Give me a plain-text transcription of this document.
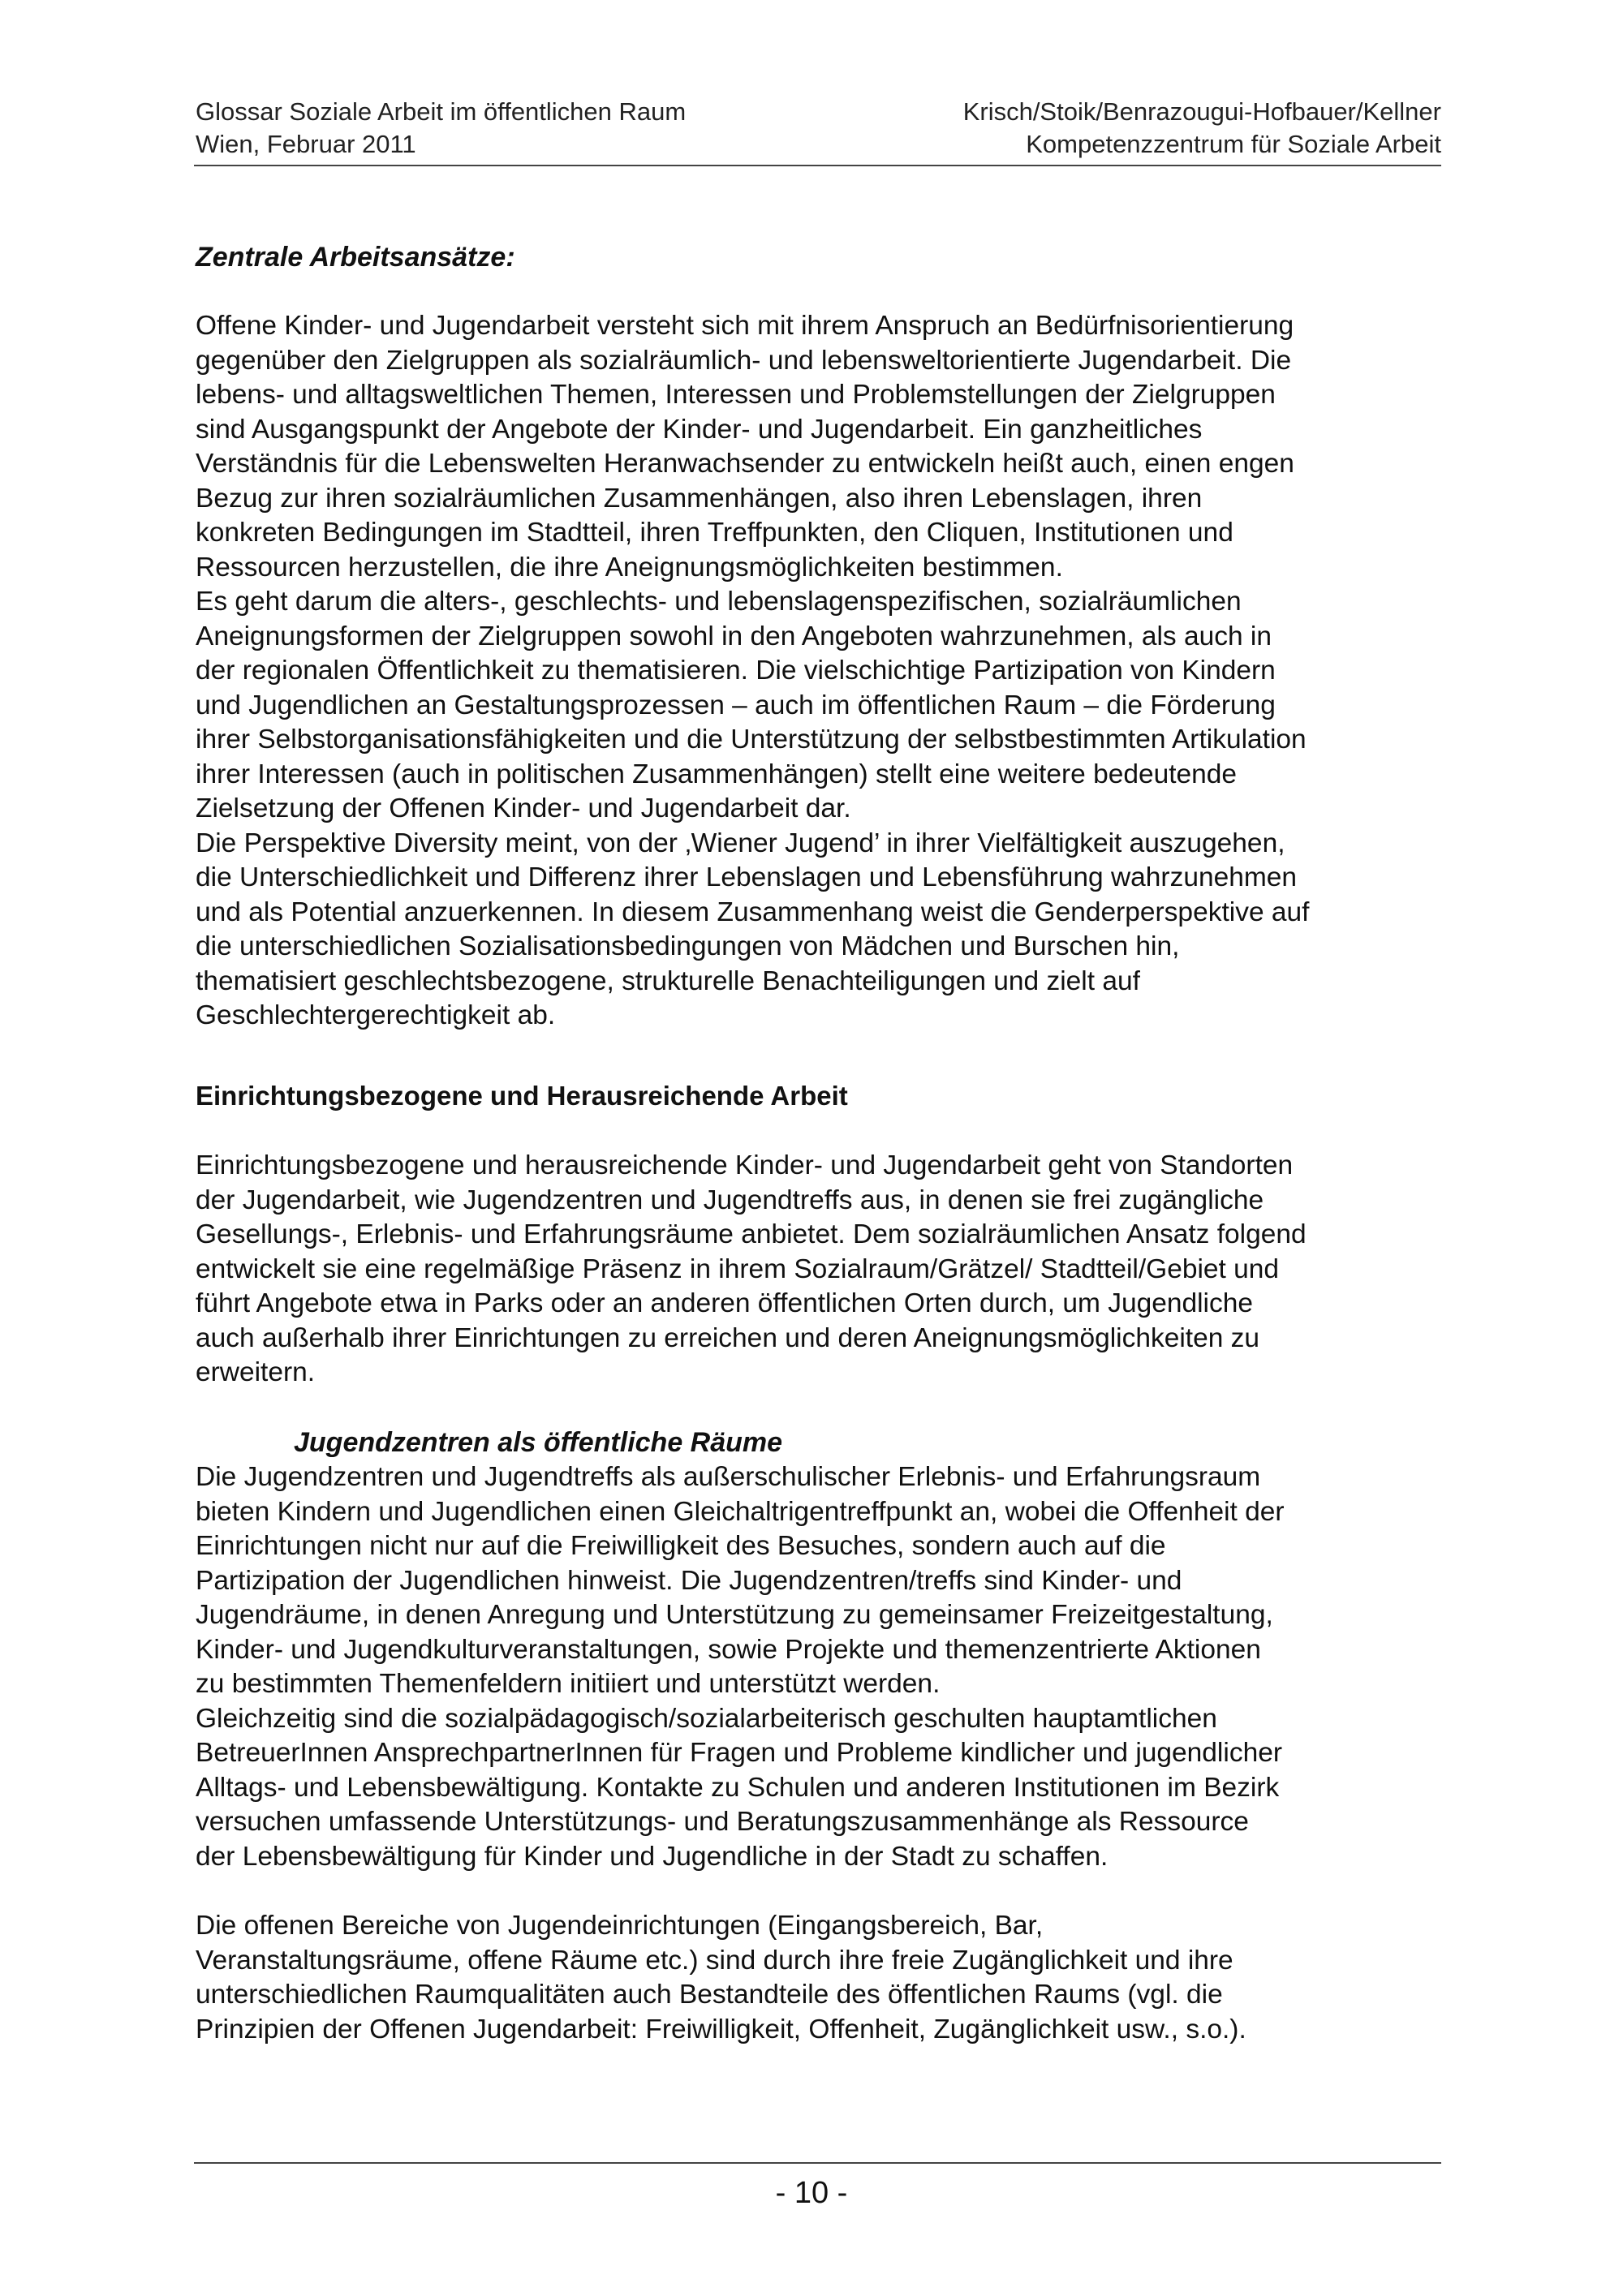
Glossar Soziale Arbeit im öffentlichen Raum
Wien, Februar 2011
Krisch/Stoik/Benrazougui-Hofbauer/Kellner
Kompetenzzentrum für Soziale Arbeit
Zentrale Arbeitsansätze:

Offene Kinder- und Jugendarbeit versteht sich mit ihrem Anspruch an Bedürfnisorientierung

gegenüber den Zielgruppen als sozialräumlich- und lebensweltorientierte Jugendarbeit. Die

lebens- und alltagsweltlichen Themen, Interessen und Problemstellungen der Zielgruppen

sind Ausgangspunkt der Angebote der Kinder- und Jugendarbeit. Ein ganzheitliches

Verständnis für die Lebenswelten Heranwachsender zu entwickeln heißt auch, einen engen

Bezug zur ihren sozialräumlichen Zusammenhängen, also ihren Lebenslagen, ihren

konkreten Bedingungen im Stadtteil, ihren Treffpunkten, den Cliquen, Institutionen und

Ressourcen herzustellen, die ihre Aneignungsmöglichkeiten bestimmen.

Es geht darum die alters-, geschlechts- und lebenslagenspezifischen, sozialräumlichen

Aneignungsformen der Zielgruppen sowohl in den Angeboten wahrzunehmen, als auch in

der regionalen Öffentlichkeit zu thematisieren. Die vielschichtige Partizipation von Kindern

und Jugendlichen an Gestaltungsprozessen – auch im öffentlichen Raum – die Förderung

ihrer Selbstorganisationsfähigkeiten und die Unterstützung der selbstbestimmten Artikulation

ihrer Interessen (auch in politischen Zusammenhängen) stellt eine weitere bedeutende

Zielsetzung der Offenen Kinder- und Jugendarbeit dar.

Die Perspektive Diversity meint, von der ‚Wiener Jugend’ in ihrer Vielfältigkeit auszugehen,

die Unterschiedlichkeit und Differenz ihrer Lebenslagen und Lebensführung wahrzunehmen

und als Potential anzuerkennen. In diesem Zusammenhang weist die Genderperspektive auf

die unterschiedlichen Sozialisationsbedingungen von Mädchen und Burschen hin,

thematisiert geschlechtsbezogene, strukturelle Benachteiligungen und zielt auf

Geschlechtergerechtigkeit ab.

Einrichtungsbezogene und Herausreichende Arbeit

Einrichtungsbezogene und herausreichende Kinder- und Jugendarbeit geht von Standorten

der Jugendarbeit, wie Jugendzentren und Jugendtreffs aus, in denen sie frei zugängliche

Gesellungs-, Erlebnis- und Erfahrungsräume anbietet. Dem sozialräumlichen Ansatz folgend

entwickelt sie eine regelmäßige Präsenz in ihrem Sozialraum/Grätzel/ Stadtteil/Gebiet und

führt Angebote etwa in Parks oder an anderen öffentlichen Orten durch, um Jugendliche

auch außerhalb ihrer Einrichtungen zu erreichen und deren Aneignungsmöglichkeiten zu

erweitern.

Jugendzentren als öffentliche Räume

Die Jugendzentren und Jugendtreffs als außerschulischer Erlebnis- und Erfahrungsraum

bieten Kindern und Jugendlichen einen Gleichaltrigentreffpunkt an, wobei die Offenheit der

Einrichtungen nicht nur auf die Freiwilligkeit des Besuches, sondern auch auf die

Partizipation der Jugendlichen hinweist. Die Jugendzentren/treffs sind Kinder- und

Jugendräume, in denen Anregung und Unterstützung zu gemeinsamer Freizeitgestaltung,

Kinder- und Jugendkulturveranstaltungen, sowie Projekte und themenzentrierte Aktionen

zu bestimmten Themenfeldern initiiert und unterstützt werden.

Gleichzeitig sind die sozialpädagogisch/sozialarbeiterisch geschulten hauptamtlichen

BetreuerInnen AnsprechpartnerInnen für Fragen und Probleme kindlicher und jugendlicher

Alltags- und Lebensbewältigung. Kontakte zu Schulen und anderen Institutionen im Bezirk

versuchen umfassende Unterstützungs- und Beratungszusammenhänge als Ressource

der Lebensbewältigung für Kinder und Jugendliche in der Stadt zu schaffen.

Die offenen Bereiche von Jugendeinrichtungen (Eingangsbereich, Bar,

Veranstaltungsräume, offene Räume etc.) sind durch ihre freie Zugänglichkeit und ihre

unterschiedlichen Raumqualitäten auch Bestandteile des öffentlichen Raums (vgl. die

Prinzipien der Offenen Jugendarbeit: Freiwilligkeit, Offenheit, Zugänglichkeit usw., s.o.).

- 10 -
